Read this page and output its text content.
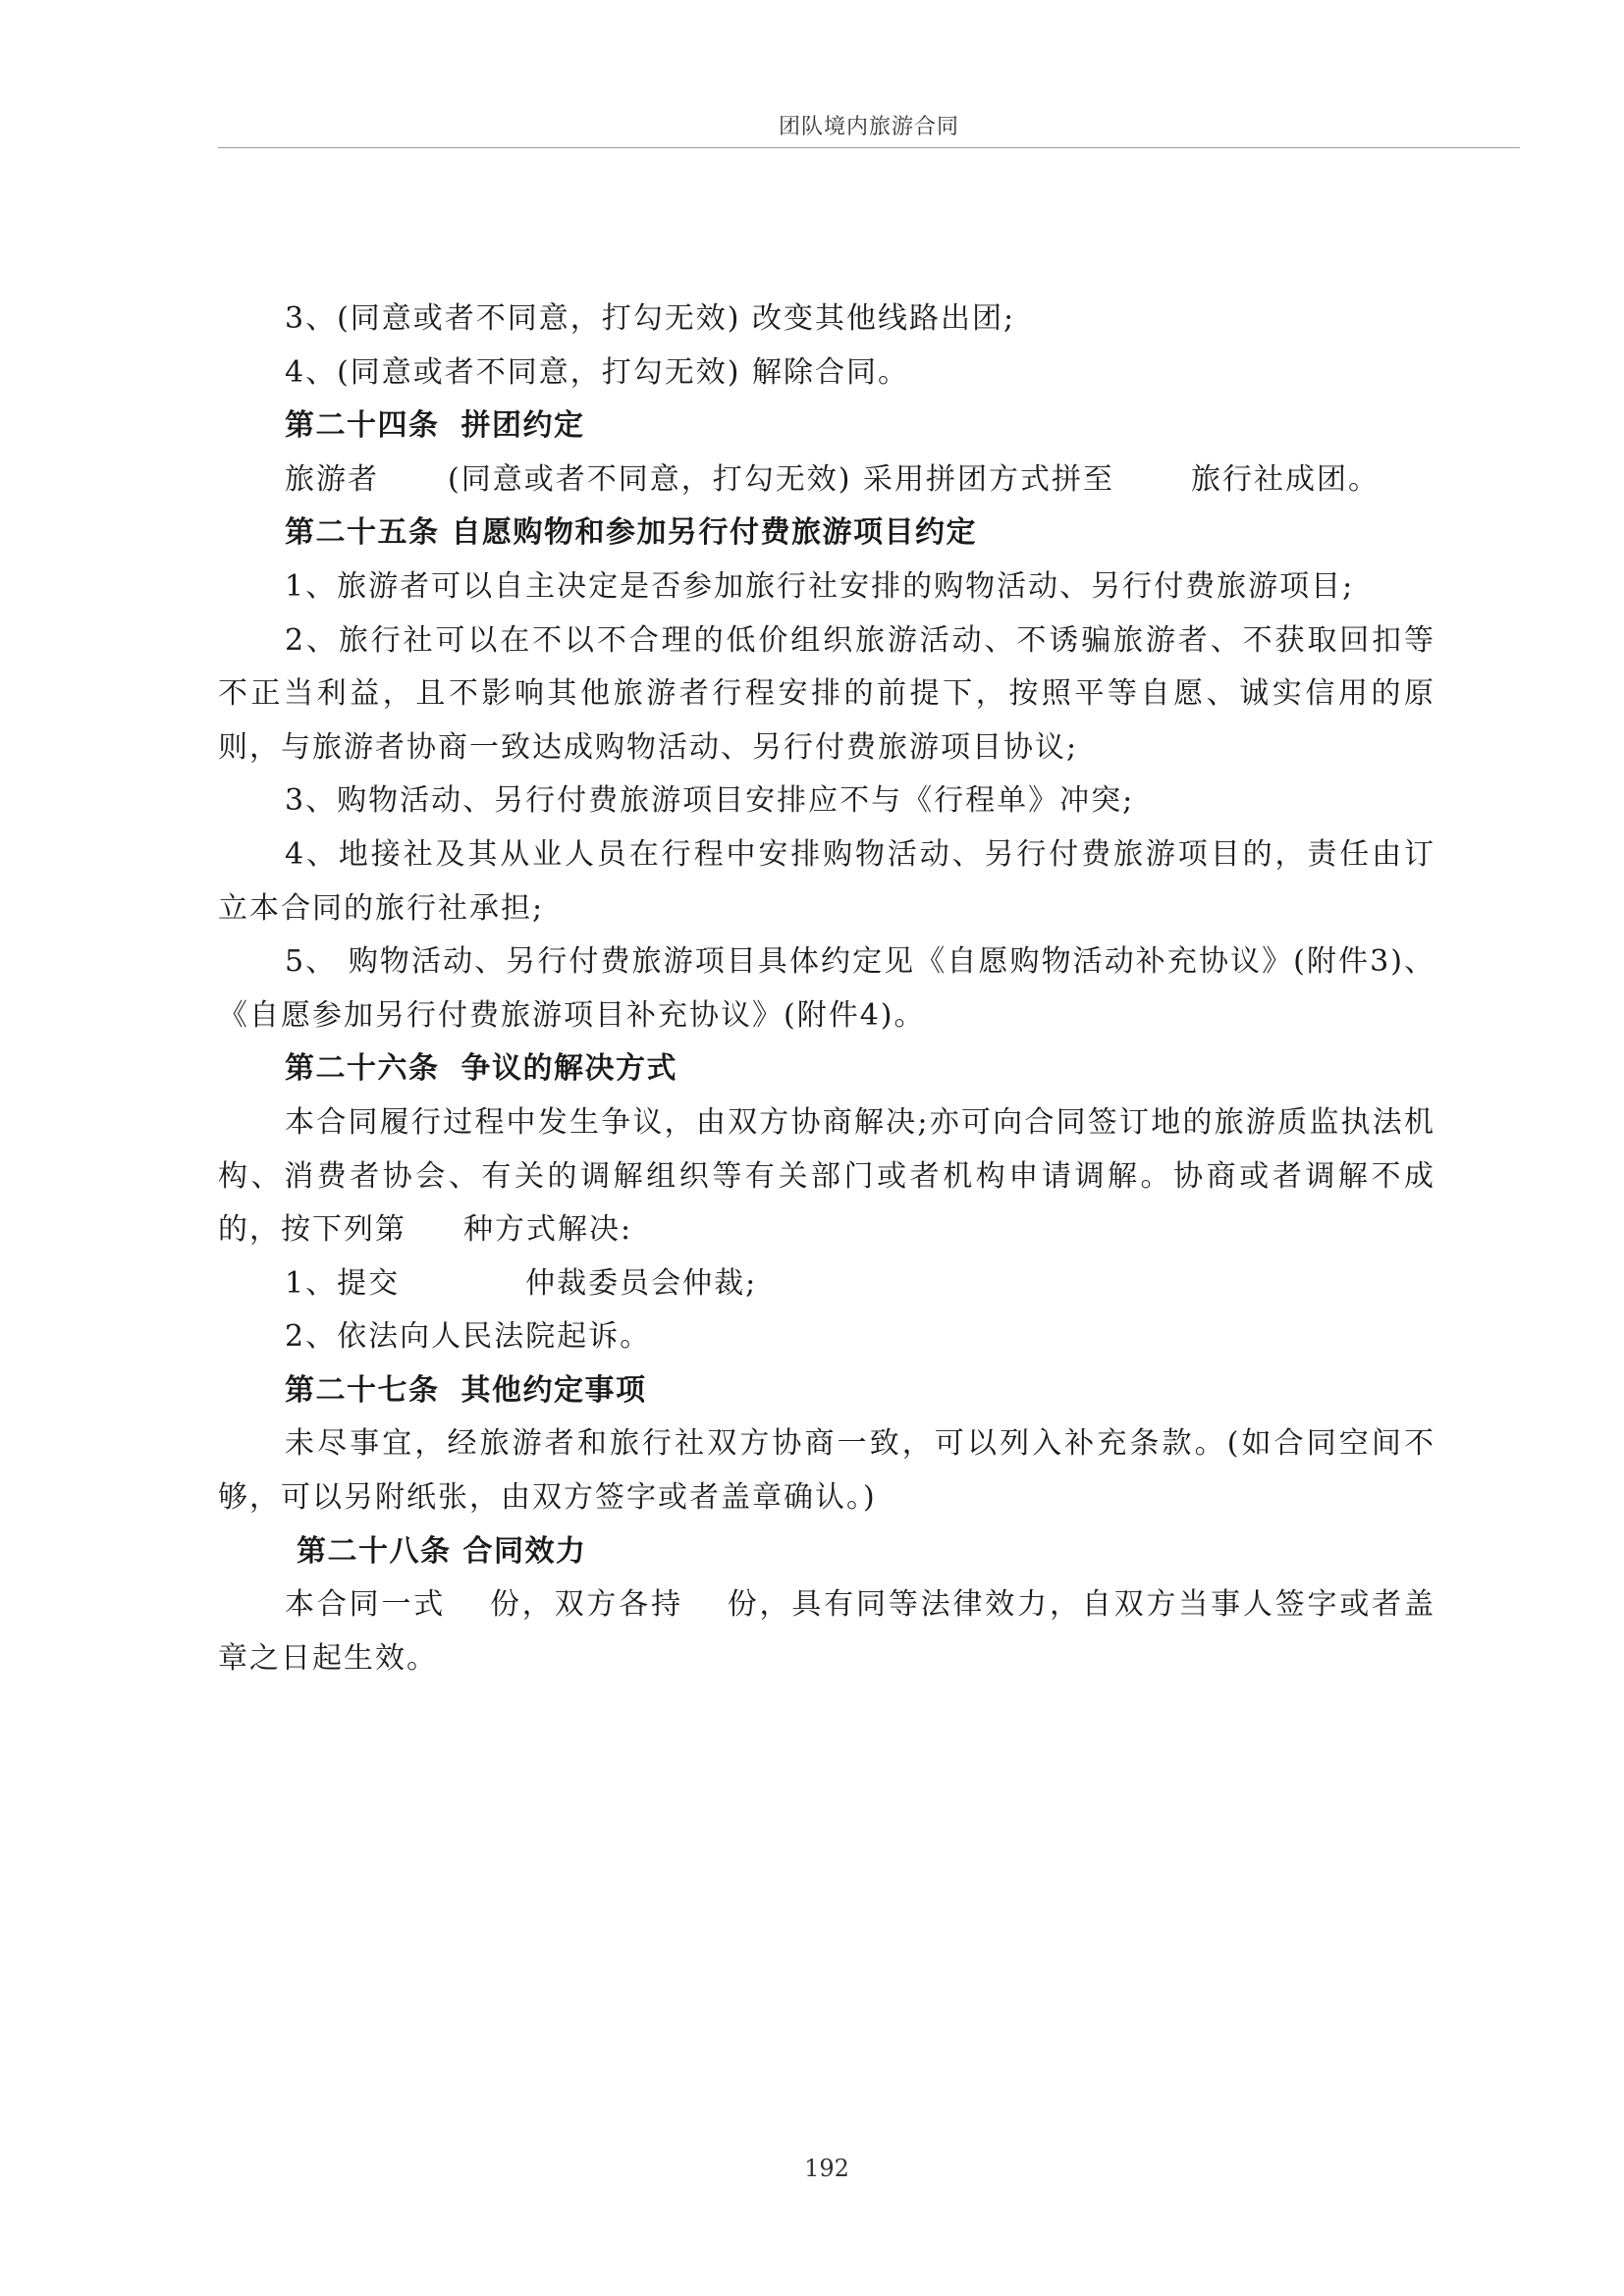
团队境内旅游合同

3、(同意或者不同意，打勾无效) 改变其他线路出团;

4、(同意或者不同意，打勾无效) 解除合同。

第二十四条 拼团约定

旅游者 (同意或者不同意，打勾无效) 采用拼团方式拼至	旅行社成团。

第二十五条 自愿购物和参加另行付费旅游项目约定

1、旅游者可以自主决定是否参加旅行社安排的购物活动、另行付费旅游项目;

2、旅行社可以在不以不合理的低价组织旅游活动、不诱骗旅游者、不获取回扣等不正当利益，且不影响其他旅游者行程安排的前提下，按照平等自愿、诚实信用的原则，与旅游者协商一致达成购物活动、另行付费旅游项目协议;

3、购物活动、另行付费旅游项目安排应不与《行程单》冲突;

4、地接社及其从业人员在行程中安排购物活动、另行付费旅游项目的，责任由订立本合同的旅行社承担;

5、 购物活动、另行付费旅游项目具体约定见《自愿购物活动补充协议》(附件3)、《自愿参加另行付费旅游项目补充协议》(附件4)。

第二十六条 争议的解决方式

本合同履行过程中发生争议，由双方协商解决;亦可向合同签订地的旅游质监执法机构、消费者协会、有关的调解组织等有关部门或者机构申请调解。协商或者调解不成的，按下列第 种方式解决:

1、提交	仲裁委员会仲裁;

2、依法向人民法院起诉。

第二十七条 其他约定事项

未尽事宜，经旅游者和旅行社双方协商一致，可以列入补充条款。(如合同空间不够，可以另附纸张，由双方签字或者盖章确认。)

第二十八条 合同效力

本合同一式 份，双方各持 份，具有同等法律效力，自双方当事人签字或者盖章之日起生效。

192
